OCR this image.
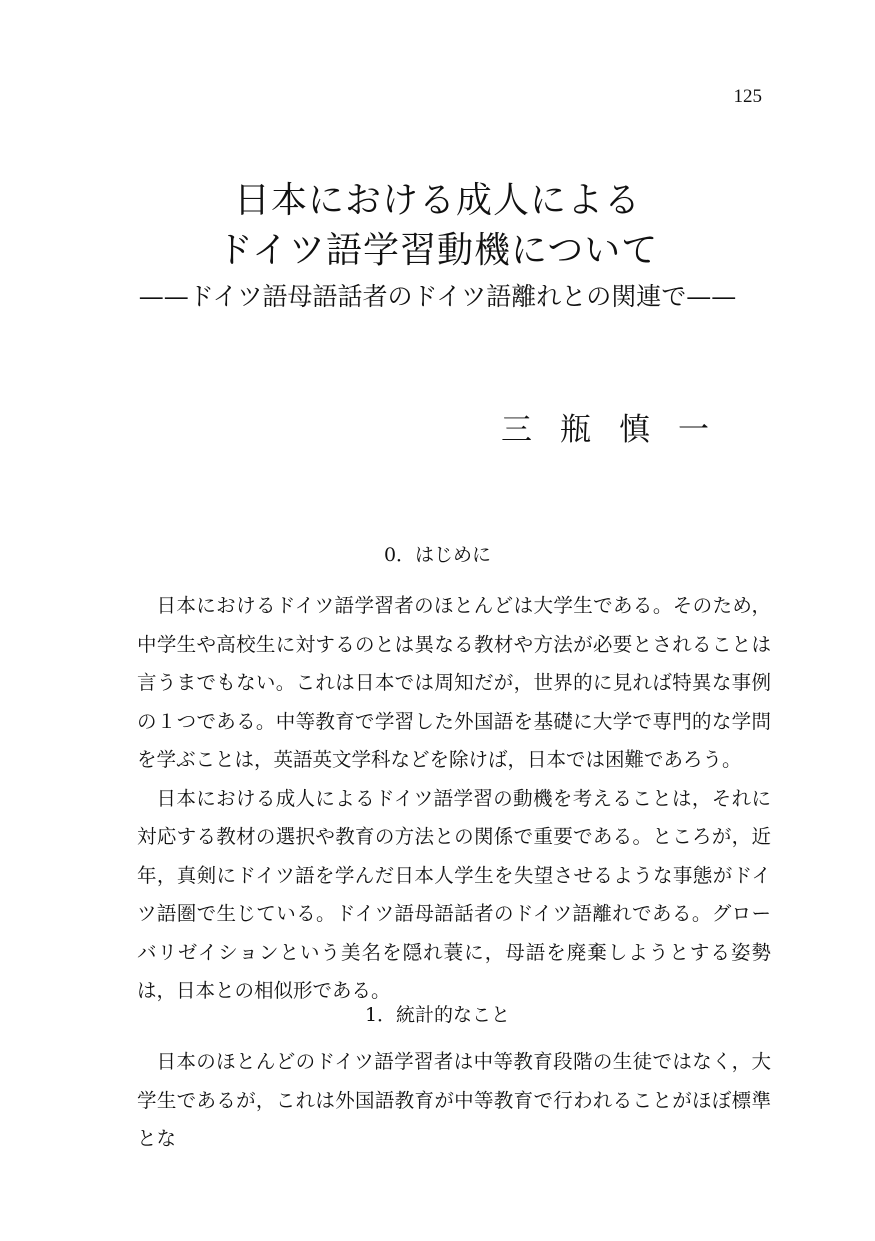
125
日本における成人による
ドイツ語学習動機について
——ドイツ語母語話者のドイツ語離れとの関連で——
三瓶慎一
0．はじめに

日本におけるドイツ語学習者のほとんどは大学生である。そのため，中学生や高校生に対するのとは異なる教材や方法が必要とされることは言うまでもない。これは日本では周知だが，世界的に見れば特異な事例の１つである。中等教育で学習した外国語を基礎に大学で専門的な学問を学ぶことは，英語英文学科などを除けば，日本では困難であろう。

日本における成人によるドイツ語学習の動機を考えることは，それに対応する教材の選択や教育の方法との関係で重要である。ところが，近年，真剣にドイツ語を学んだ日本人学生を失望させるような事態がドイツ語圏で生じている。ドイツ語母語話者のドイツ語離れである。グローバリゼイションという美名を隠れ蓑に，母語を廃棄しようとする姿勢は，日本との相似形である。

1．統計的なこと

日本のほとんどのドイツ語学習者は中等教育段階の生徒ではなく，大学生であるが，これは外国語教育が中等教育で行われることがほぼ標準とな
